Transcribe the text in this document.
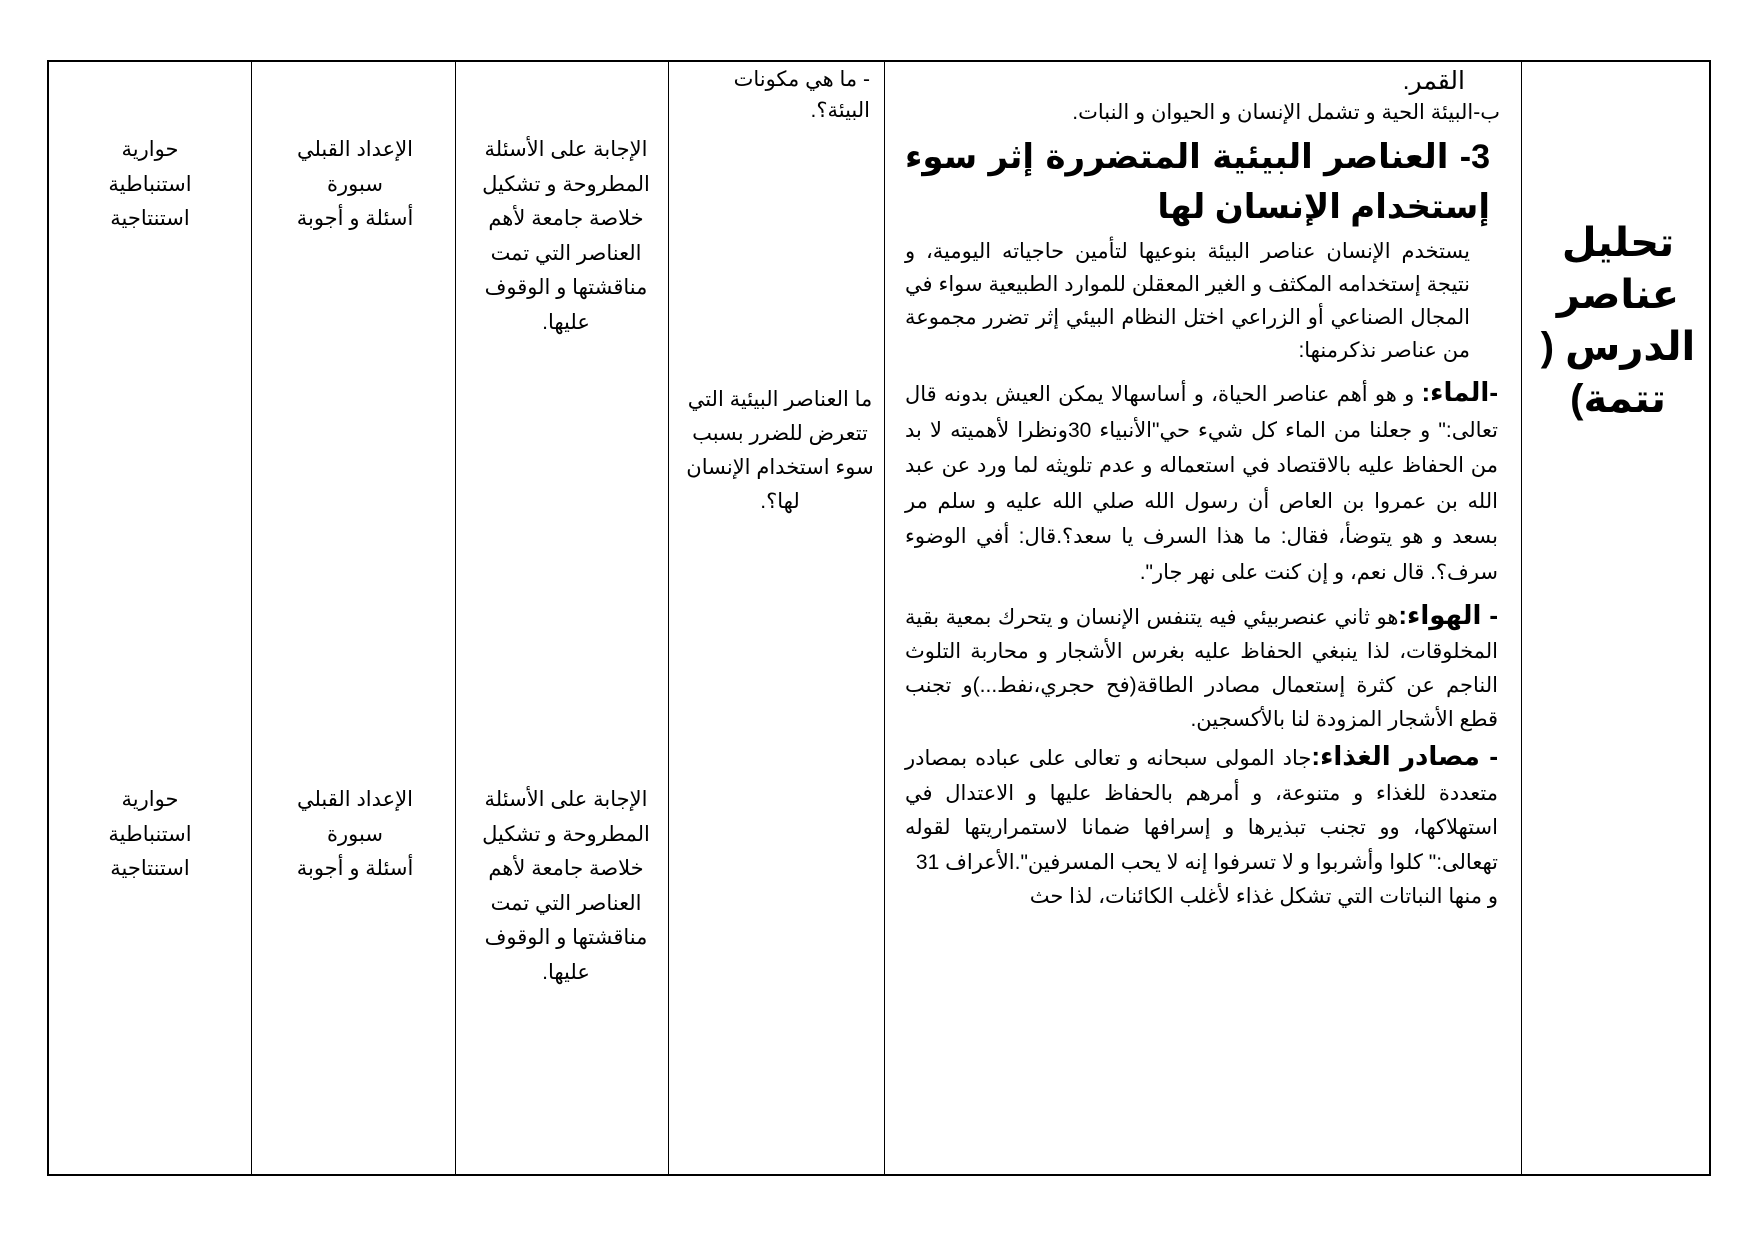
تحليل عناصر الدرس ( تتمة)

القمر.

ب-البيئة الحية و تشمل الإنسان و الحيوان و النبات.

3- العناصر البيئية المتضررة إثر سوء إستخدام الإنسان لها

يستخدم الإنسان عناصر البيئة بنوعيها لتأمين حاجياته اليومية، و نتيجة إستخدامه المكثف و الغير المعقلن للموارد الطبيعية سواء في المجال الصناعي أو الزراعي اختل النظام البيئي إثر تضرر مجموعة من عناصر نذكرمنها:

-الماء: و هو أهم عناصر الحياة، و أساسهالا يمكن العيش بدونه قال تعالى:" و جعلنا من الماء كل شيء حي"الأنبياء 30ونظرا لأهميته لا بد من الحفاظ عليه بالاقتصاد في استعماله و عدم تلويثه لما ورد عن عبد الله بن عمروا بن العاص أن رسول الله صلي الله عليه و سلم مر بسعد و هو يتوضأ، فقال: ما هذا السرف يا سعد؟.قال: أفي الوضوء سرف؟. قال نعم، و إن كنت على نهر جار".

- الهواء:هو ثاني عنصربيئي فيه يتنفس الإنسان و يتحرك بمعية بقية المخلوقات، لذا ينبغي الحفاظ عليه بغرس الأشجار و محاربة التلوث الناجم عن كثرة إستعمال مصادر الطاقة(فح حجري،نفط...)و تجنب قطع الأشجار المزودة لنا بالأكسجين.

- مصادر الغذاء:جاد المولى سبحانه و تعالى على عباده بمصادر متعددة للغذاء و متنوعة، و أمرهم بالحفاظ عليها و الاعتدال في استهلاكها، وو تجنب تبذيرها و إسرافها ضمانا لاستمراريتها لقوله تهعالى:" كلوا وأشربوا و لا تسرفوا إنه لا يحب المسرفين".الأعراف 31

و منها النباتات التي تشكل غذاء لأغلب الكائنات، لذا حث

- ما هي مكونات البيئة؟.

ما العناصر البيئية التي تتعرض للضرر بسبب سوء استخدام الإنسان لها؟.
الإجابة على الأسئلة المطروحة و تشكيل خلاصة جامعة لأهم العناصر التي تمت مناقشتها و الوقوف عليها.
الإجابة على الأسئلة المطروحة و تشكيل خلاصة جامعة لأهم العناصر التي تمت مناقشتها و الوقوف عليها.
الإعداد القبلي
سبورة
أسئلة و أجوبة
الإعداد القبلي
سبورة
أسئلة و أجوبة
حوارية
استنباطية
استنتاجية
حوارية
استنباطية
استنتاجية
